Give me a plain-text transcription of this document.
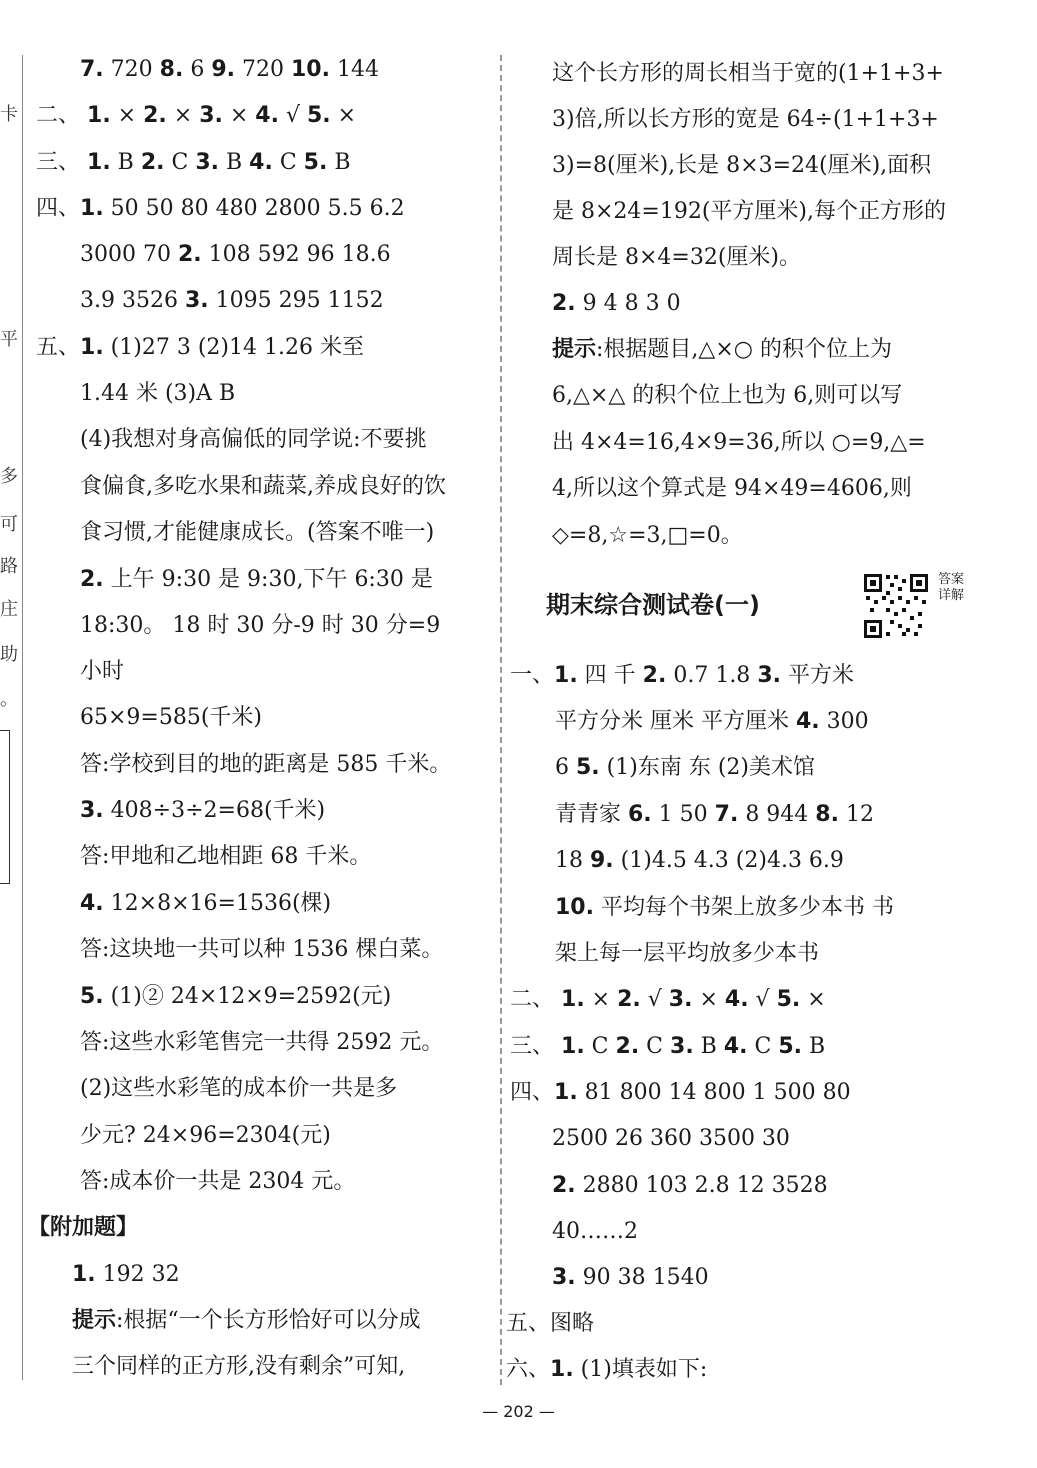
卡
平
多
可
路
庄
助
。
7. 720 8. 6 9. 720 10. 144
二、 1. × 2. × 3. × 4. √ 5. ×
三、 1. B 2. C 3. B 4. C 5. B
四、1. 50 50 80 480 2800 5.5 6.2
3000 70 2. 108 592 96 18.6
3.9 3526 3. 1095 295 1152
五、1. (1)27 3 (2)14 1.26 米至
1.44 米 (3)A B
(4)我想对身高偏低的同学说:不要挑
食偏食,多吃水果和蔬菜,养成良好的饮
食习惯,才能健康成长。(答案不唯一)
2. 上午 9:30 是 9:30,下午 6:30 是
18:30。 18 时 30 分-9 时 30 分=9
小时
65×9=585(千米)
答:学校到目的地的距离是 585 千米。
3. 408÷3÷2=68(千米)
答:甲地和乙地相距 68 千米。
4. 12×8×16=1536(棵)
答:这块地一共可以种 1536 棵白菜。
5. (1)② 24×12×9=2592(元)
答:这些水彩笔售完一共得 2592 元。
(2)这些水彩笔的成本价一共是多
少元? 24×96=2304(元)
答:成本价一共是 2304 元。
【附加题】
1. 192 32
提示:根据“一个长方形恰好可以分成
三个同样的正方形,没有剩余”可知,
这个长方形的周长相当于宽的(1+1+3+
3)倍,所以长方形的宽是 64÷(1+1+3+
3)=8(厘米),长是 8×3=24(厘米),面积
是 8×24=192(平方厘米),每个正方形的
周长是 8×4=32(厘米)。
2. 9 4 8 3 0
提示:根据题目,△×○ 的积个位上为
6,△×△ 的积个位上也为 6,则可以写
出 4×4=16,4×9=36,所以 ○=9,△=
4,所以这个算式是 94×49=4606,则
◇=8,☆=3,□=0。
期末综合测试卷(一)
答案详解
一、1. 四 千 2. 0.7 1.8 3. 平方米
平方分米 厘米 平方厘米 4. 300
6 5. (1)东南 东 (2)美术馆
青青家 6. 1 50 7. 8 944 8. 12
18 9. (1)4.5 4.3 (2)4.3 6.9
10. 平均每个书架上放多少本书 书
架上每一层平均放多少本书
二、 1. × 2. √ 3. × 4. √ 5. ×
三、 1. C 2. C 3. B 4. C 5. B
四、1. 81 800 14 800 1 500 80
2500 26 360 3500 30
2. 2880 103 2.8 12 3528
40……2
3. 90 38 1540
五、图略
六、1. (1)填表如下:
— 202 —
